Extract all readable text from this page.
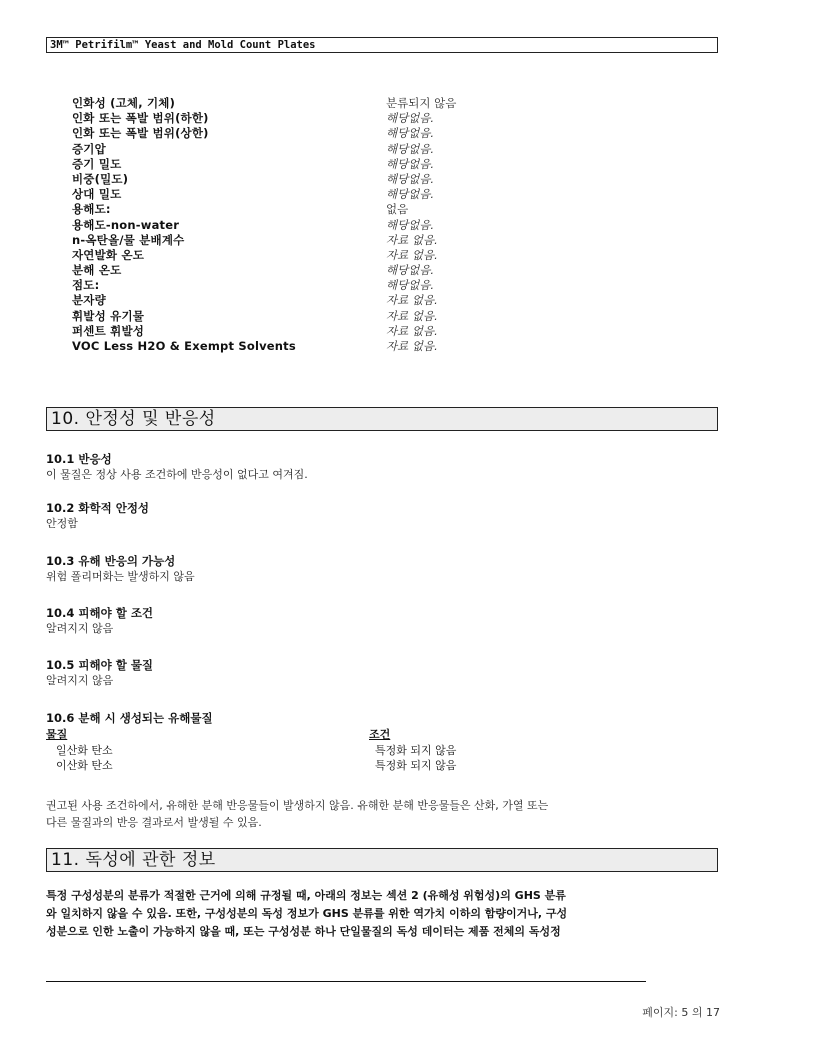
3M™ Petrifilm™ Yeast and Mold Count Plates
인화성 (고체, 기체)	분류되지 않음
인화 또는 폭발 범위(하한)	해당없음.
인화 또는 폭발 범위(상한)	해당없음.
증기압	해당없음.
증기 밀도	해당없음.
비중(밀도)	해당없음.
상대 밀도	해당없음.
용해도:	없음
용해도-non-water	해당없음.
n-옥탄올/물 분배계수	자료 없음.
자연발화 온도	자료 없음.
분해 온도	해당없음.
점도:	해당없음.
분자량	자료 없음.
휘발성 유기물	자료 없음.
퍼센트 휘발성	자료 없음.
VOC Less H2O & Exempt Solvents	자료 없음.
10. 안정성 및 반응성
10.1 반응성
이 물질은 정상 사용 조건하에 반응성이 없다고 여겨짐.
10.2 화학적 안정성
안정함
10.3 유해 반응의 가능성
위험 폴리머화는 발생하지 않음
10.4 피해야 할 조건
알려지지 않음
10.5 피해야 할 물질
알려지지 않음
10.6 분해 시 생성되는 유해물질
물질	조건
일산화 탄소	특정화 되지 않음
이산화 탄소	특정화 되지 않음
권고된 사용 조건하에서, 유해한 분해 반응물들이 발생하지 않음. 유해한 분해 반응물들은 산화, 가열 또는
다른 물질과의 반응 결과로서 발생될 수 있음.
11. 독성에 관한 정보
특정 구성성분의 분류가 적절한 근거에 의해 규정될 때, 아래의 정보는 섹션 2 (유해성 위험성)의 GHS 분류
와 일치하지 않을 수 있음. 또한, 구성성분의 독성 정보가 GHS 분류를 위한 역가치 이하의 함량이거나, 구성
성분으로 인한 노출이 가능하지 않을 때, 또는 구성성분 하나 단일물질의 독성 데이터는 제품 전체의 독성정
페이지: 5 의 17
